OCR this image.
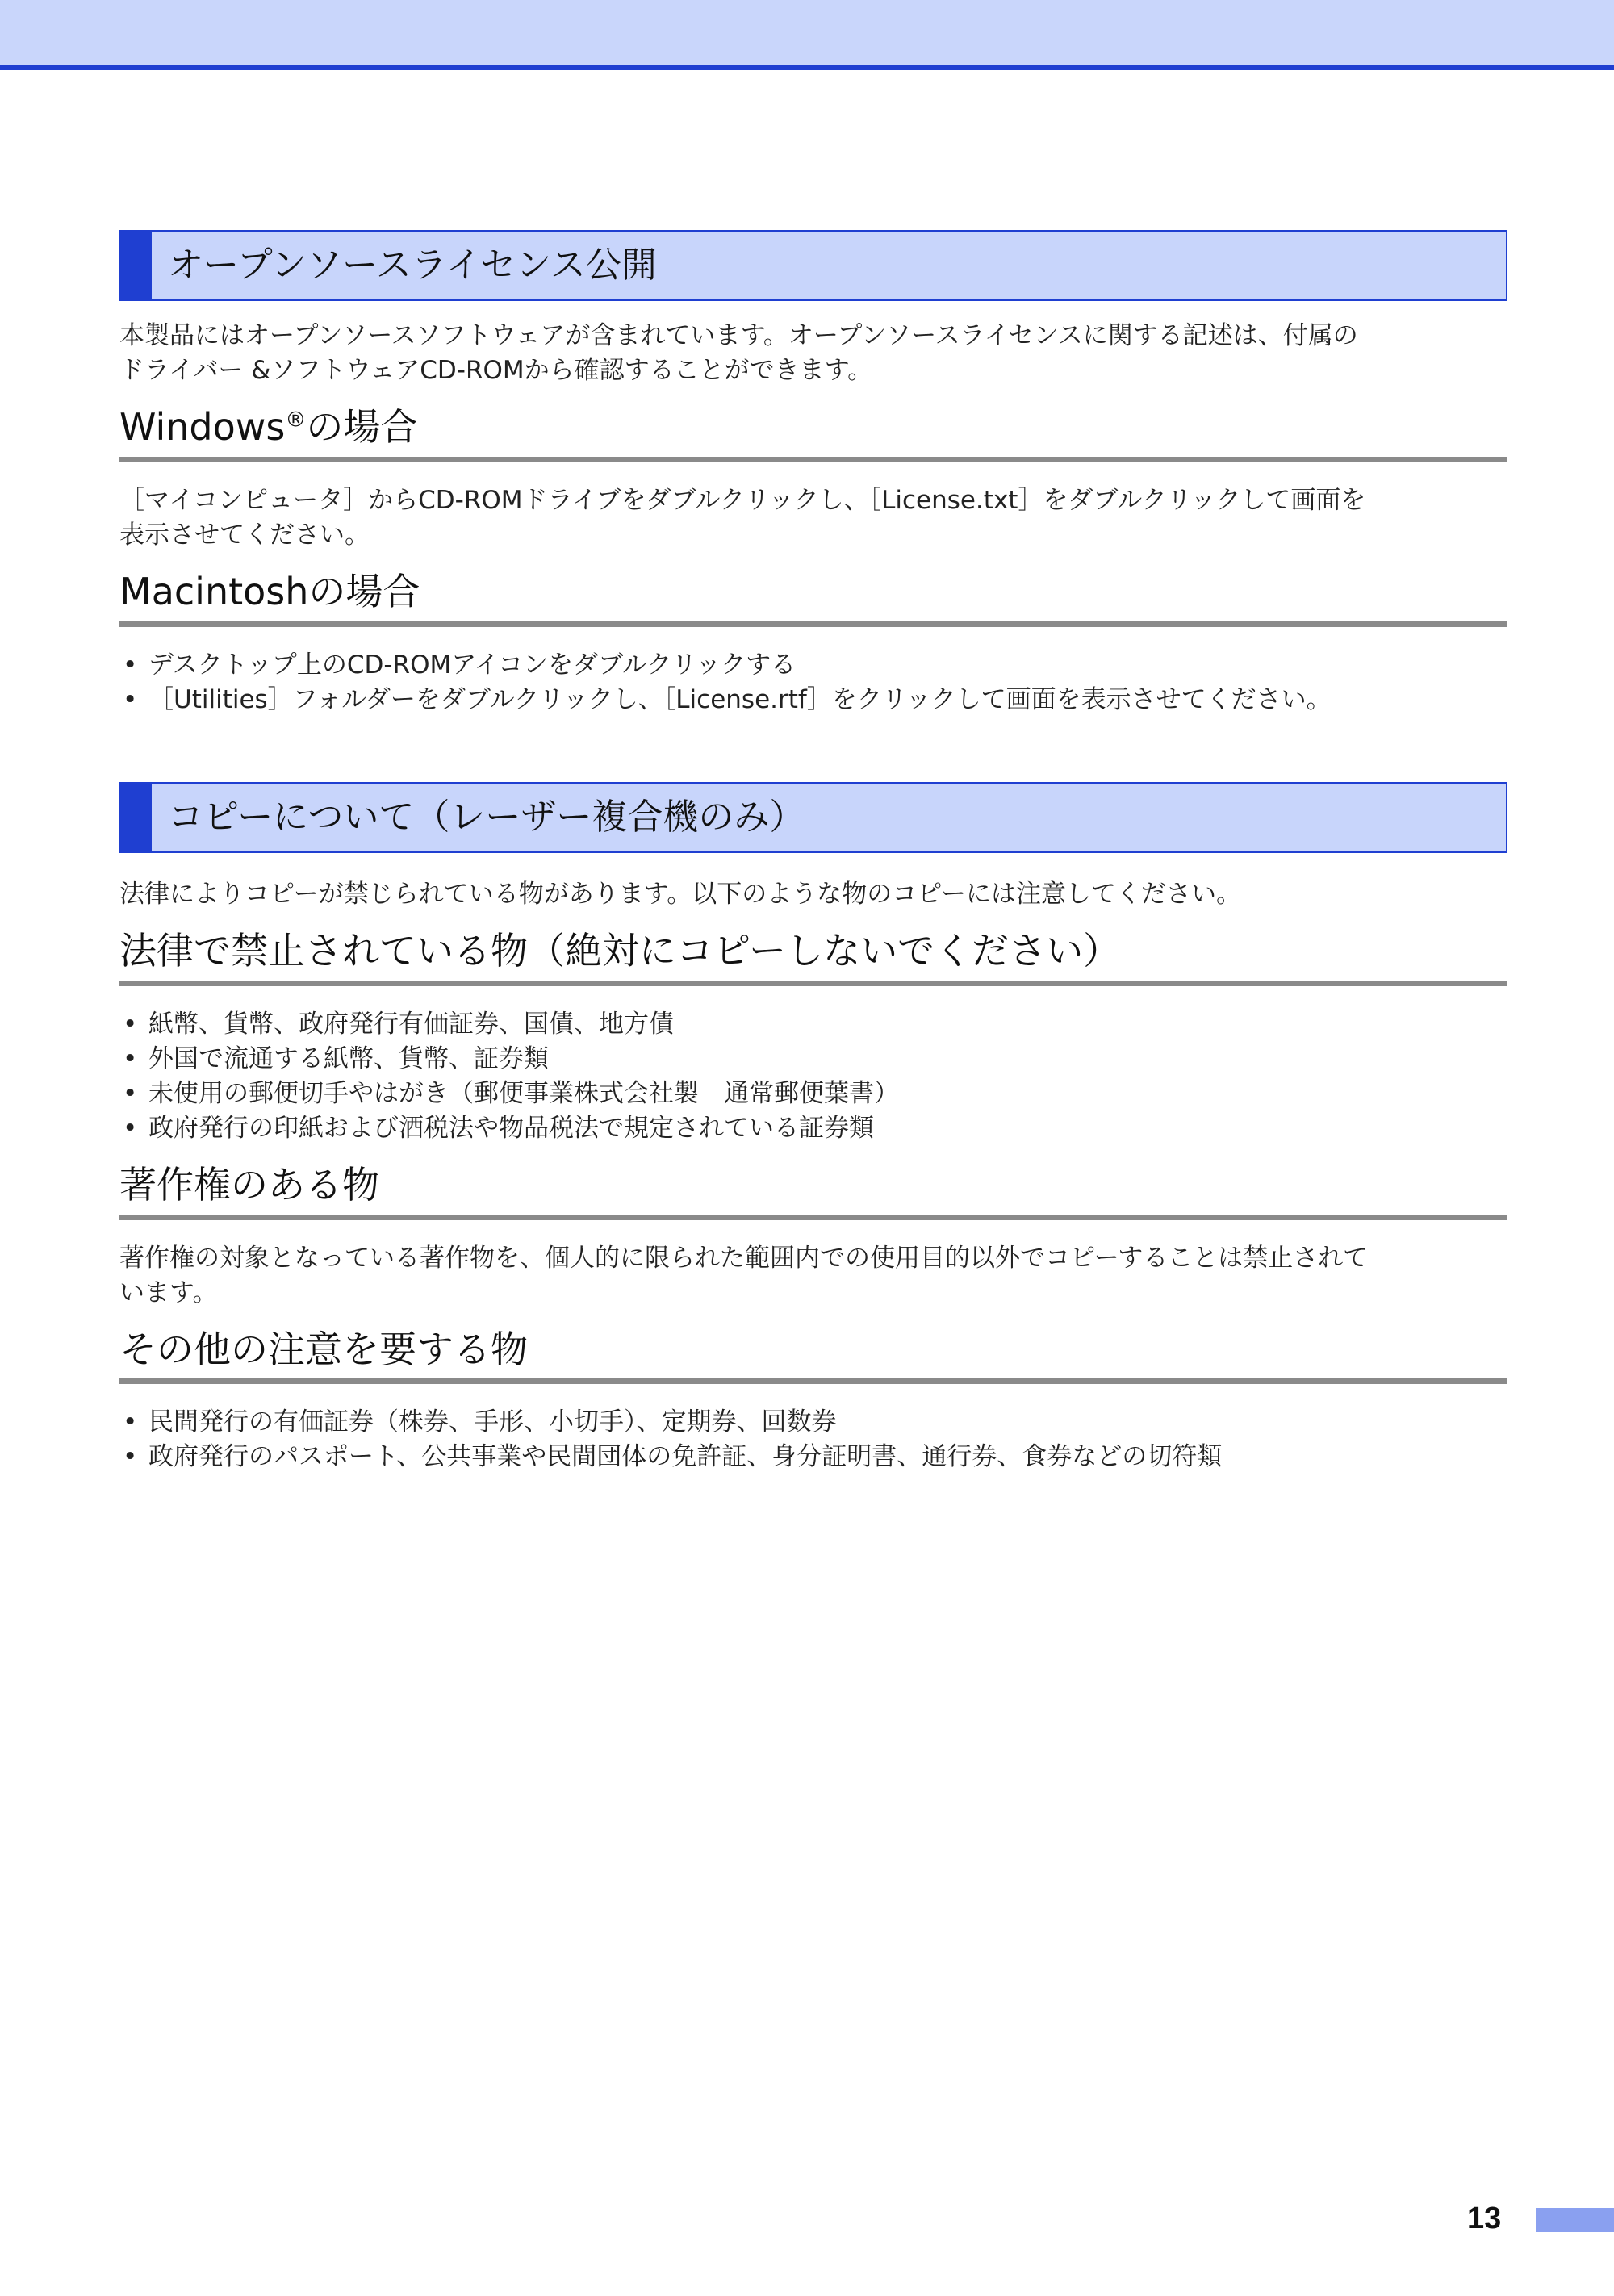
オープンソースライセンス公開

本製品にはオープンソースソフトウェアが含まれています。オープンソースライセンスに関する記述は、付属の

ドライバー &ソフトウェアCD-ROMから確認することができます。

Windows®の場合

［マイコンピュータ］からCD-ROMドライブをダブルクリックし、［License.txt］をダブルクリックして画面を

表示させてください。

Macintoshの場合
• デスクトップ上のCD-ROMアイコンをダブルクリックする
• ［Utilities］フォルダーをダブルクリックし、［License.rtf］をクリックして画面を表示させてください。
コピーについて（レーザー複合機のみ）

法律によりコピーが禁じられている物があります。以下のような物のコピーには注意してください。

法律で禁止されている物（絶対にコピーしないでください）
• 紙幣、貨幣、政府発行有価証券、国債、地方債
• 外国で流通する紙幣、貨幣、証券類
• 未使用の郵便切手やはがき（郵便事業株式会社製　通常郵便葉書）
• 政府発行の印紙および酒税法や物品税法で規定されている証券類
著作権のある物

著作権の対象となっている著作物を、個人的に限られた範囲内での使用目的以外でコピーすることは禁止されて

います。

その他の注意を要する物
• 民間発行の有価証券（株券、手形、小切手）、定期券、回数券
• 政府発行のパスポート、公共事業や民間団体の免許証、身分証明書、通行券、食券などの切符類
13
